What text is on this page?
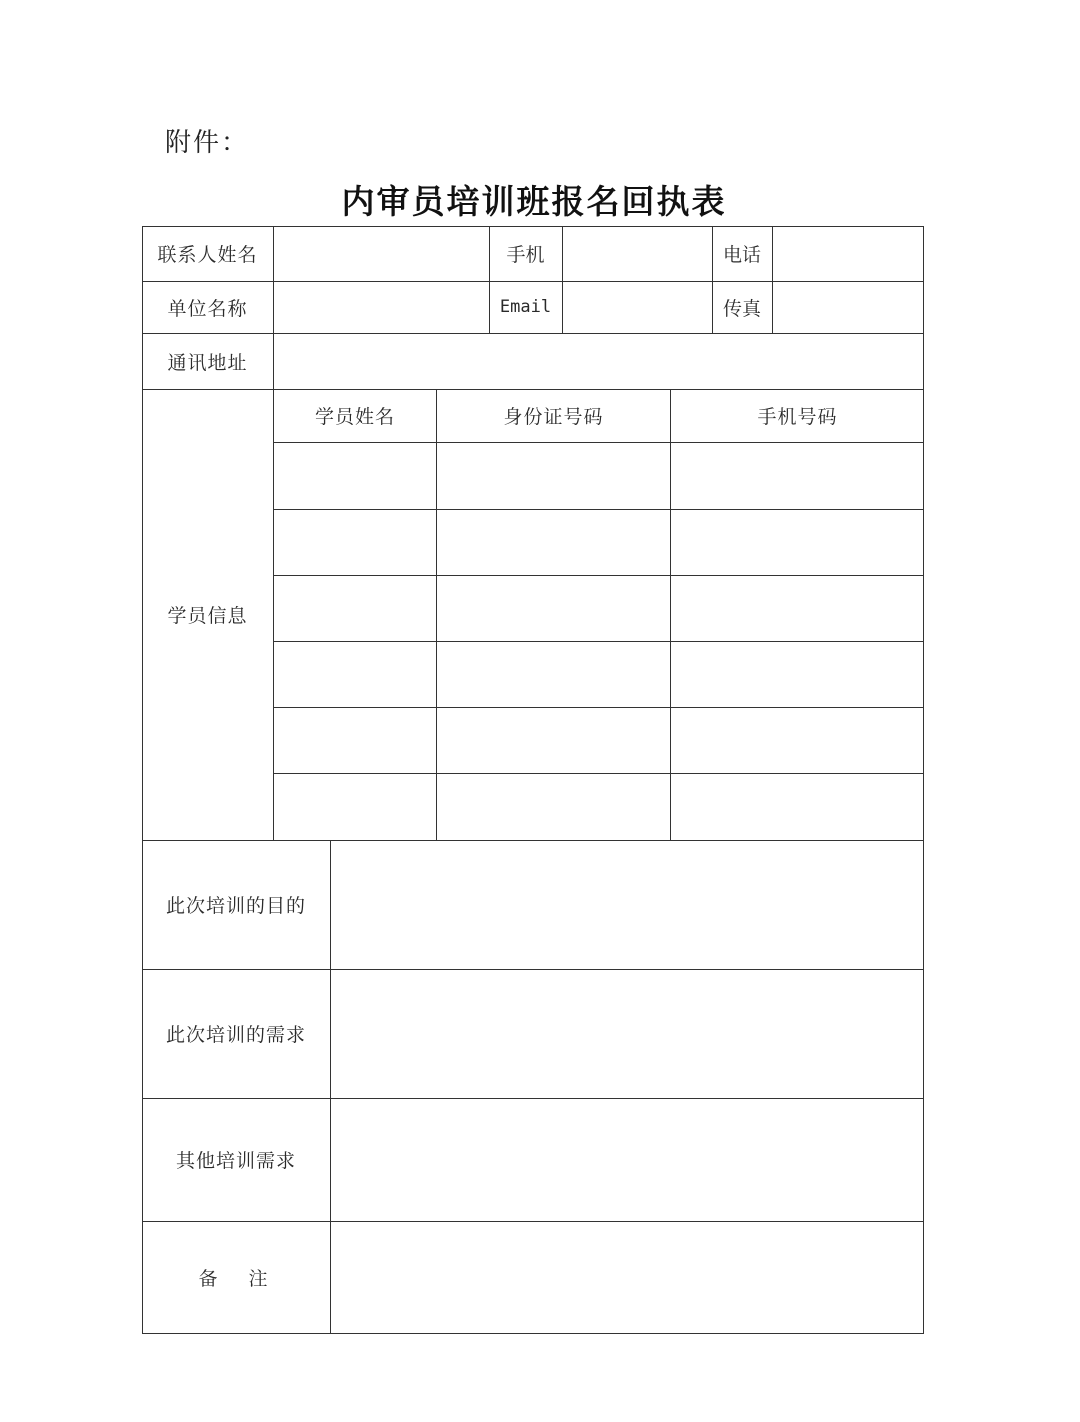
附件：
内审员培训班报名回执表
联系人姓名	手机	电话
单位名称	Email	传真
通讯地址
学员信息
学员姓名	身份证号码	手机号码
此次培训的目的
此次培训的需求
其他培训需求
备　注
